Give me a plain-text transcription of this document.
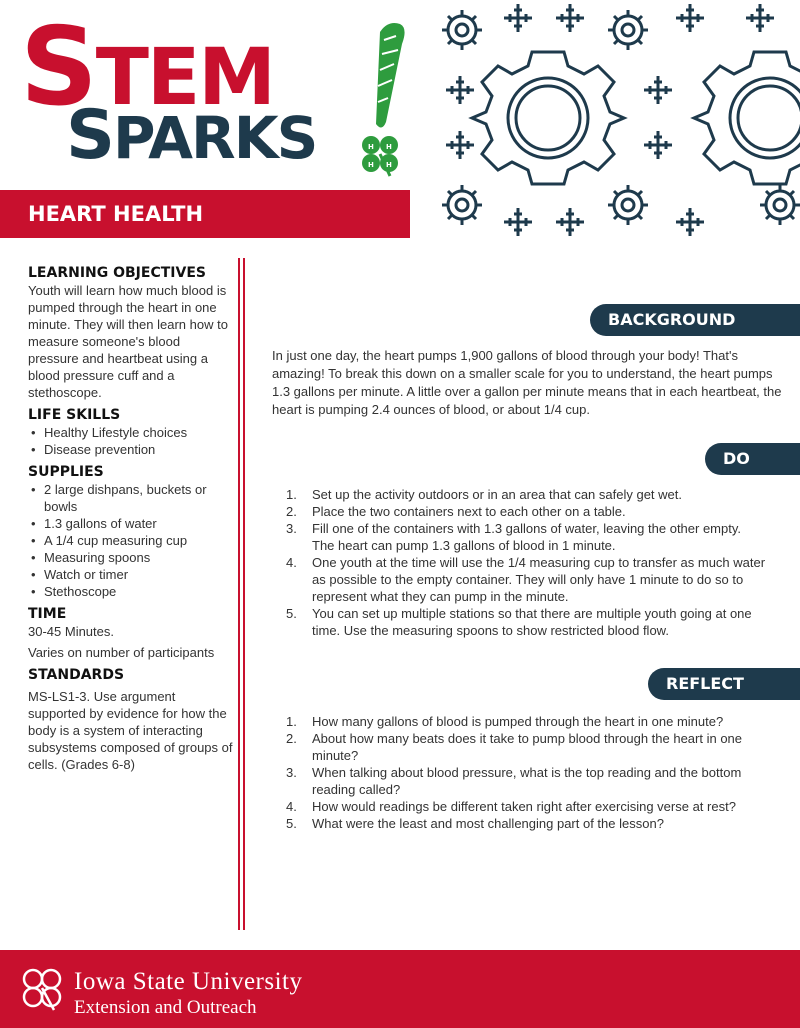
STEM
SPARKS	H H
H H
HEART HEALTH
LEARNING OBJECTIVES

Youth will learn how much blood is pumped through the heart in one minute. They will then learn how to measure someone's blood pressure and heartbeat using a blood pressure cuff and a stethoscope.

LIFE SKILLS
• Healthy Lifestyle choices
• Disease prevention
SUPPLIES
• 2 large dishpans, buckets or bowls
• 1.3 gallons of water
• A 1/4 cup measuring cup
• Measuring spoons
• Watch or timer
• Stethoscope
TIME

30-45 Minutes.

Varies on number of participants

STANDARDS

MS-LS1-3. Use argument supported by evidence for how the body is a system of interacting subsystems composed of groups of cells. (Grades 6-8)

BACKGROUND

In just one day, the heart pumps 1,900 gallons of blood through your body! That's amazing! To break this down on a smaller scale for you to understand, the heart pumps 1.3 gallons per minute. A little over a gallon per minute means that in each heartbeat, the heart is pumping 2.4 ounces of blood, or about 1/4 cup.

DO
1. Set up the activity outdoors or in an area that can safely get wet.
2. Place the two containers next to each other on a table.
3. Fill one of the containers with 1.3 gallons of water, leaving the other empty. The heart can pump 1.3 gallons of blood in 1 minute.
4. One youth at the time will use the 1/4 measuring cup to transfer as much water as possible to the empty container. They will only have 1 minute to do so to represent what they can pump in the minute.
5. You can set up multiple stations so that there are multiple youth going at one time. Use the measuring spoons to show restricted blood flow.
REFLECT
1. How many gallons of blood is pumped through the heart in one minute?
2. About how many beats does it take to pump blood through the heart in one minute?
3. When talking about blood pressure, what is the top reading and the bottom reading called?
4. How would readings be different taken right after exercising verse at rest?
5. What were the least and most challenging part of the lesson?
Iowa State University
Extension and Outreach
